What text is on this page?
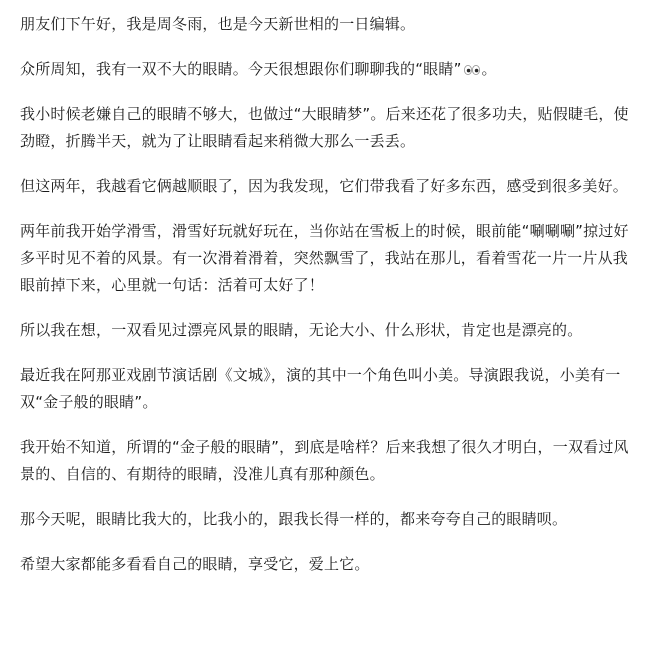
朋友们下午好，我是周冬雨，也是今天新世相的一日编辑。

众所周知，我有一双不大的眼睛。今天很想跟你们聊聊我的“眼睛” 。

我小时候老嫌自己的眼睛不够大，也做过“大眼睛梦”。后来还花了很多功夫，贴假睫毛，使劲瞪，折腾半天，就为了让眼睛看起来稍微大那么一丢丢。

但这两年，我越看它俩越顺眼了，因为我发现，它们带我看了好多东西，感受到很多美好。

两年前我开始学滑雪，滑雪好玩就好玩在，当你站在雪板上的时候，眼前能“唰唰唰”掠过好多平时见不着的风景。有一次滑着滑着，突然飘雪了，我站在那儿，看着雪花一片一片从我眼前掉下来，心里就一句话：活着可太好了！

所以我在想，一双看见过漂亮风景的眼睛，无论大小、什么形状，肯定也是漂亮的。

最近我在阿那亚戏剧节演话剧《文城》，演的其中一个角色叫小美。导演跟我说，小美有一双“金子般的眼睛”。

我开始不知道，所谓的“金子般的眼睛”，到底是啥样？后来我想了很久才明白，一双看过风景的、自信的、有期待的眼睛，没准儿真有那种颜色。

那今天呢，眼睛比我大的，比我小的，跟我长得一样的，都来夸夸自己的眼睛呗。

希望大家都能多看看自己的眼睛，享受它，爱上它。
